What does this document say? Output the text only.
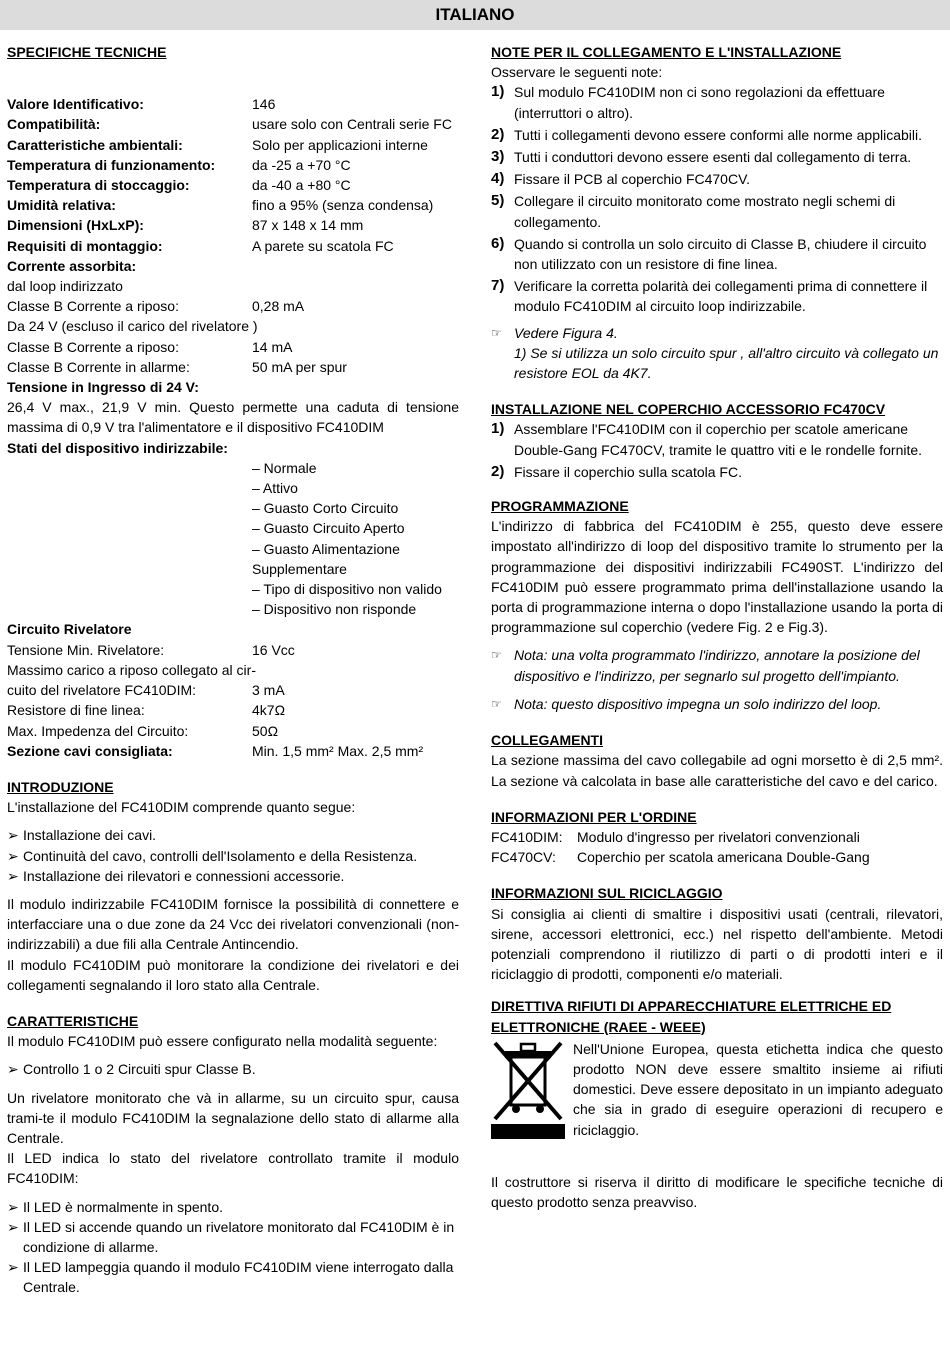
ITALIANO

SPECIFICHE TECNICHE

Valore Identificativo:	146
Compatibilità:	usare solo con Centrali serie FC
Caratteristiche ambientali:	Solo per applicazioni interne
Temperatura di funzionamento:	da -25 a +70 °C
Temperatura di stoccaggio:	da -40 a +80 °C
Umidità relativa:	fino a 95% (senza condensa)
Dimensioni (HxLxP):	87 x 148 x 14 mm
Requisiti di montaggio:	A parete su scatola FC

Corrente assorbita:

dal loop indirizzato

Classe B Corrente a riposo:	0,28 mA

Da 24 V (escluso il carico del rivelatore )

Classe B Corrente a riposo:	14 mA
Classe B Corrente in allarme:	50 mA per spur

Tensione in Ingresso di 24 V:

26,4 V max., 21,9 V min. Questo permette una caduta di tensione massima di 0,9 V tra l'alimentatore e il dispositivo FC410DIM

Stati del dispositivo indirizzabile:

– Normale
– Attivo
– Guasto Corto Circuito
– Guasto Circuito Aperto
– Guasto Alimentazione Supplementare
– Tipo di dispositivo non valido
– Dispositivo non risponde

Circuito Rivelatore

Tensione Min. Rivelatore:	16 Vcc

Massimo carico a riposo collegato al cir-

cuito del rivelatore FC410DIM:	3 mA
Resistore di fine linea:	4k7Ω
Max. Impedenza del Circuito:	50Ω
Sezione cavi consigliata:	Min. 1,5 mm² Max. 2,5 mm²

INTRODUZIONE

L'installazione del FC410DIM comprende quanto segue:

➢ Installazione dei cavi.
➢ Continuità del cavo, controlli dell'Isolamento e della Resistenza.
➢ Installazione dei rilevatori e connessioni accessorie.

Il modulo indirizzabile FC410DIM fornisce la possibilità di connettere e interfacciare una o due zone da 24 Vcc dei rivelatori convenzionali (non-indirizzabili) a due fili alla Centrale Antincendio.

Il modulo FC410DIM può monitorare la condizione dei rivelatori e dei collegamenti segnalando il loro stato alla Centrale.

CARATTERISTICHE

Il modulo FC410DIM può essere configurato nella modalità seguente:

➢ Controllo 1 o 2 Circuiti spur Classe B.

Un rivelatore monitorato che và in allarme, su un circuito spur, causa trami-te il modulo FC410DIM la segnalazione dello stato di allarme alla Centrale.

Il LED indica lo stato del rivelatore controllato tramite il modulo FC410DIM:

➢ Il LED è normalmente in spento.
➢ Il LED si accende quando un rivelatore monitorato dal FC410DIM è in condizione di allarme.
➢ Il LED lampeggia quando il modulo FC410DIM viene interrogato dalla Centrale.

NOTE PER IL COLLEGAMENTO E L'INSTALLAZIONE

Osservare le seguenti note:

1) Sul modulo FC410DIM non ci sono regolazioni da effettuare (interruttori o altro).
2) Tutti i collegamenti devono essere conformi alle norme applicabili.
3) Tutti i conduttori devono essere esenti dal collegamento di terra.
4) Fissare il PCB al coperchio FC470CV.
5) Collegare il circuito monitorato come mostrato negli schemi di collegamento.
6) Quando si controlla un solo circuito di Classe B, chiudere il circuito non utilizzato con un resistore di fine linea.
7) Verificare la corretta polarità dei collegamenti prima di connettere il modulo FC410DIM al circuito loop indirizzabile.
☞ Vedere Figura 4.
1) Se si utilizza un solo circuito spur , all'altro circuito và collegato un resistore EOL da 4K7.

INSTALLAZIONE NEL COPERCHIO ACCESSORIO FC470CV

1) Assemblare l'FC410DIM con il coperchio per scatole americane Double-Gang FC470CV, tramite le quattro viti e le rondelle fornite.
2) Fissare il coperchio sulla scatola FC.

PROGRAMMAZIONE

L'indirizzo di fabbrica del FC410DIM è 255, questo deve essere impostato all'indirizzo di loop del dispositivo tramite lo strumento per la programmazione dei dispositivi indirizzabili FC490ST. L'indirizzo del FC410DIM può essere programmato prima dell'installazione usando la porta di programmazione interna o dopo l'installazione usando la porta di programmazione sul coperchio (vedere Fig. 2 e Fig.3).

☞ Nota: una volta programmato l'indirizzo, annotare la posizione del dispositivo e l'indirizzo, per segnarlo sul progetto dell'impianto.
☞ Nota: questo dispositivo impegna un solo indirizzo del loop.

COLLEGAMENTI

La sezione massima del cavo collegabile ad ogni morsetto è di 2,5 mm². La sezione và calcolata in base alle caratteristiche del cavo e del carico.

INFORMAZIONI PER L'ORDINE

FC410DIM:	Modulo d'ingresso per rivelatori convenzionali
FC470CV:	Coperchio per scatola americana Double-Gang

INFORMAZIONI SUL RICICLAGGIO

Si consiglia ai clienti di smaltire i dispositivi usati (centrali, rilevatori, sirene, accessori elettronici, ecc.) nel rispetto dell'ambiente. Metodi potenziali comprendono il riutilizzo di parti o di prodotti interi e il riciclaggio di prodotti, componenti e/o materiali.

DIRETTIVA RIFIUTI DI APPARECCHIATURE ELETTRICHE ED ELETTRONICHE (RAEE - WEEE)

Nell'Unione Europea, questa etichetta indica che questo prodotto NON deve essere smaltito insieme ai rifiuti domestici. Deve essere depositato in un impianto adeguato che sia in grado di eseguire operazioni di recupero e riciclaggio.

Il costruttore si riserva il diritto di modificare le specifiche tecniche di questo prodotto senza preavviso.
